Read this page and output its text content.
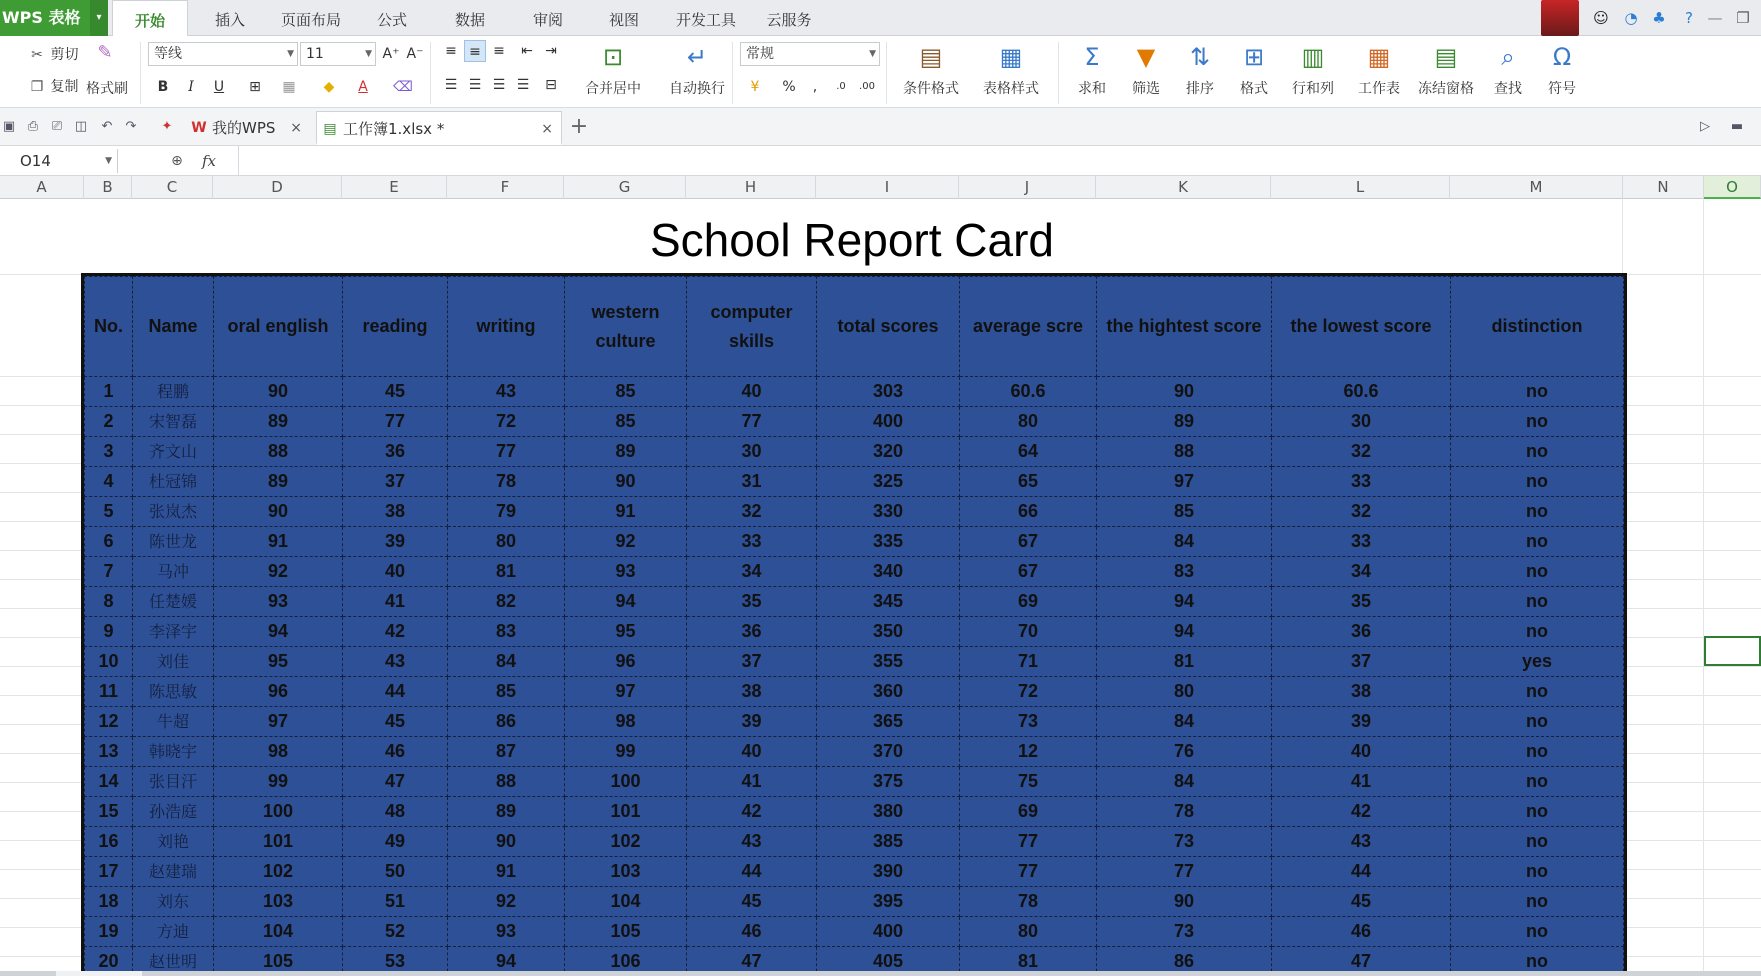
WPS 表格	▾	开始	插入	页面布局	公式	数据	审阅	视图	开发工具	云服务	☺ ◔ ♣	? — ❐
✂ 剪切 ✎
❐ 复制 格式刷
等线	▼ 11	▼ A⁺ A⁻
B	I	U	⊞	▦	◆	A	⌫
≡ ≡ ≡	⇤ ⇥
☰ ☰ ☰ ☰	⊟
⊡
合并居中
↵
自动换行
常规	▼
¥	%	,	.0	.00
▤
条件格式
▦
表格样式
Σ
求和
▼
筛选
⇅
排序
⊞
格式
▥
行和列
▦
工作表
▤
冻结窗格
⌕
查找
Ω
符号
▣ ⎙ ⎚ ◫ ↶ ↷ ✦ W 我的WPS × ▤ 工作簿1.xlsx *	×	▷	▬
+
O14	▼	⊕ fx
A	B	C	D	E	F	G	H	I	J	K	L	M	N	O
School Report Card
No.	Name	oral english	reading	writing	western culture	computer skills	total scores	average scre	the hightest score	the lowest score	distinction
1	程鹏	90	45	43	85	40	303	60.6	90	60.6	no
2	宋智磊	89	77	72	85	77	400	80	89	30	no
3	齐文山	88	36	77	89	30	320	64	88	32	no
4	杜冠锦	89	37	78	90	31	325	65	97	33	no
5	张岚杰	90	38	79	91	32	330	66	85	32	no
6	陈世龙	91	39	80	92	33	335	67	84	33	no
7	马冲	92	40	81	93	34	340	67	83	34	no
8	任楚媛	93	41	82	94	35	345	69	94	35	no
9	李泽宇	94	42	83	95	36	350	70	94	36	no
10	刘佳	95	43	84	96	37	355	71	81	37	yes
11	陈思敏	96	44	85	97	38	360	72	80	38	no
12	牛超	97	45	86	98	39	365	73	84	39	no
13	韩晓宇	98	46	87	99	40	370	12	76	40	no
14	张目汗	99	47	88	100	41	375	75	84	41	no
15	孙浩庭	100	48	89	101	42	380	69	78	42	no
16	刘艳	101	49	90	102	43	385	77	73	43	no
17	赵建瑞	102	50	91	103	44	390	77	77	44	no
18	刘东	103	51	92	104	45	395	78	90	45	no
19	方迪	104	52	93	105	46	400	80	73	46	no
20	赵世明	105	53	94	106	47	405	81	86	47	no
